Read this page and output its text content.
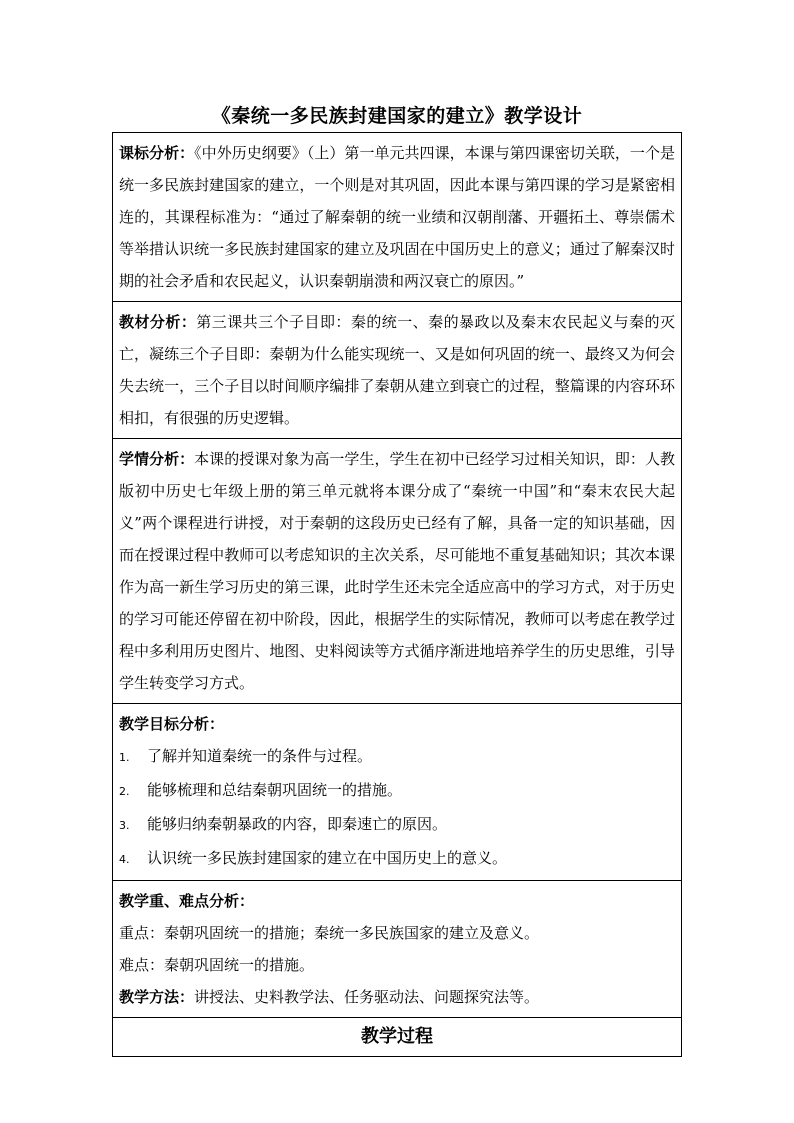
《秦统一多民族封建国家的建立》教学设计
课标分析：《中外历史纲要》（上）第一单元共四课，本课与第四课密切关联，一个是统一多民族封建国家的建立，一个则是对其巩固，因此本课与第四课的学习是紧密相连的，其课程标准为：“通过了解秦朝的统一业绩和汉朝削藩、开疆拓土、尊崇儒术等举措认识统一多民族封建国家的建立及巩固在中国历史上的意义；通过了解秦汉时期的社会矛盾和农民起义，认识秦朝崩溃和两汉衰亡的原因。”
教材分析：第三课共三个子目即：秦的统一、秦的暴政以及秦末农民起义与秦的灭亡，凝练三个子目即：秦朝为什么能实现统一、又是如何巩固的统一、最终又为何会失去统一，三个子目以时间顺序编排了秦朝从建立到衰亡的过程，整篇课的内容环环相扣，有很强的历史逻辑。
学情分析：本课的授课对象为高一学生，学生在初中已经学习过相关知识，即：人教版初中历史七年级上册的第三单元就将本课分成了“秦统一中国”和“秦末农民大起义”两个课程进行讲授，对于秦朝的这段历史已经有了解，具备一定的知识基础，因而在授课过程中教师可以考虑知识的主次关系，尽可能地不重复基础知识；其次本课作为高一新生学习历史的第三课，此时学生还未完全适应高中的学习方式，对于历史的学习可能还停留在初中阶段，因此，根据学生的实际情况，教师可以考虑在教学过程中多利用历史图片、地图、史料阅读等方式循序渐进地培养学生的历史思维，引导学生转变学习方式。

教学目标分析：
1.	了解并知道秦统一的条件与过程。
2.	能够梳理和总结秦朝巩固统一的措施。
3.	能够归纳秦朝暴政的内容，即秦速亡的原因。
4.	认识统一多民族封建国家的建立在中国历史上的意义。

教学重、难点分析：
重点：秦朝巩固统一的措施；秦统一多民族国家的建立及意义。
难点：秦朝巩固统一的措施。
教学方法：讲授法、史料教学法、任务驱动法、问题探究法等。

教学过程
